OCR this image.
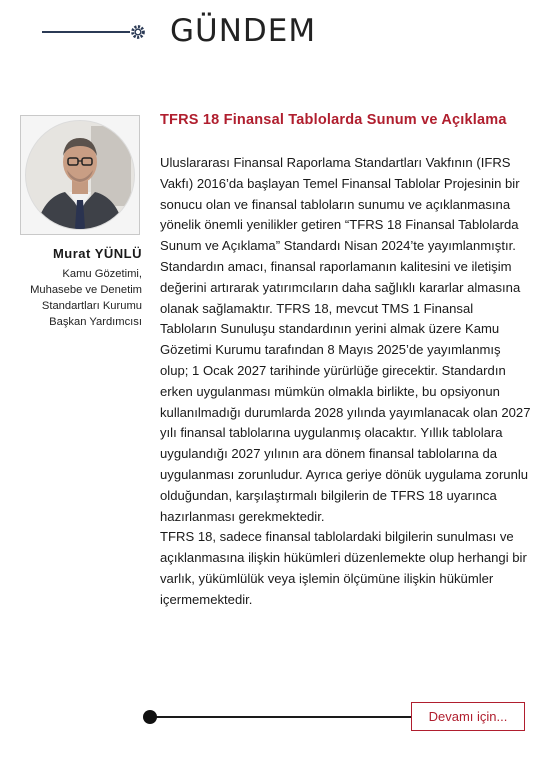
GÜNDEM
Murat YÜNLÜ
Kamu Gözetimi,
Muhasebe ve Denetim
Standartları Kurumu
Başkan Yardımcısı
TFRS 18 Finansal Tablolarda Sunum ve Açıklama

Uluslararası Finansal Raporlama Standartları Vakfının (IFRS Vakfı) 2016’da başlayan Temel Finansal Tablolar Projesinin bir sonucu olan ve finansal tabloların sunumu ve açıklanmasına yönelik önemli yenilikler getiren “TFRS 18 Finansal Tablolarda Sunum ve Açıklama” Standardı Nisan 2024’te yayımlanmıştır.

Standardın amacı, finansal raporlamanın kalitesini ve iletişim değerini artırarak yatırımcıların daha sağlıklı kararlar almasına olanak sağlamaktır. TFRS 18, mevcut TMS 1 Finansal Tabloların Sunuluşu standardının yerini almak üzere Kamu Gözetimi Kurumu tarafından 8 Mayıs 2025’de yayımlanmış olup; 1 Ocak 2027 tarihinde yürürlüğe girecektir. Standardın erken uygulanması mümkün olmakla birlikte, bu opsiyonun kullanılmadığı durumlarda 2028 yılında yayımlanacak olan 2027 yılı finansal tablolarına uygulanmış olacaktır. Yıllık tablolara uygulandığı 2027 yılının ara dönem finansal tablolarına da uygulanması zorunludur. Ayrıca geriye dönük uygulama zorunlu olduğundan, karşılaştırmalı bilgilerin de TFRS 18 uyarınca hazırlanması gerekmektedir.

TFRS 18, sadece finansal tablolardaki bilgilerin sunulması ve açıklanmasına ilişkin hükümleri düzenlemekte olup herhangi bir varlık, yükümlülük veya işlemin ölçümüne ilişkin hükümler içermemektedir.

Devamı için...
